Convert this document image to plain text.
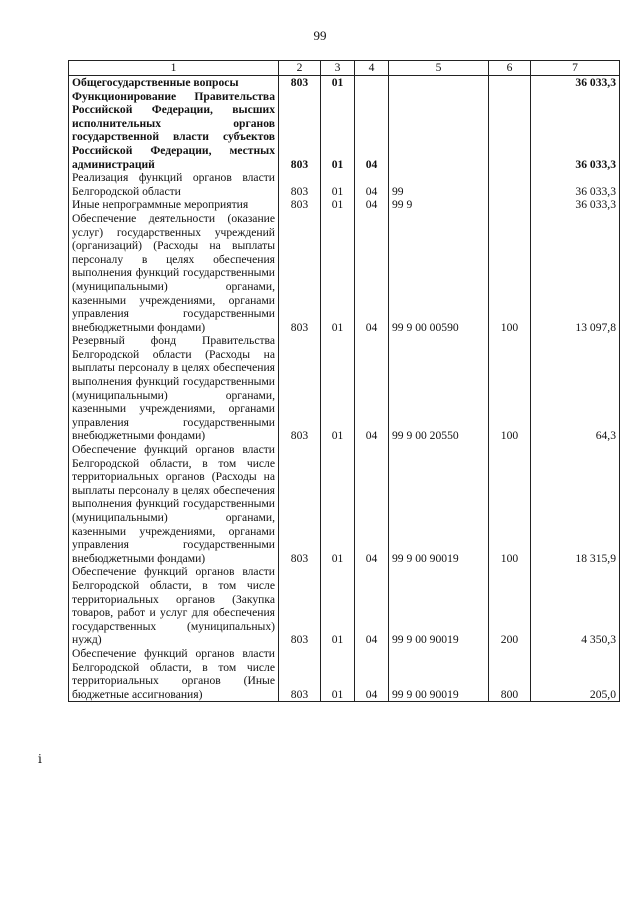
99
1	2	3	4	5	6	7
Общегосударственные вопросы	803	01				36 033,3
Функционирование Правительства Российской Федерации, высших исполнительных органов государственной власти субъектов Российской Федерации, местных администраций	803	01	04			36 033,3
Реализация функций органов власти Белгородской области	803	01	04	99		36 033,3
Иные непрограммные мероприятия	803	01	04	99 9		36 033,3
Обеспечение деятельности (оказание услуг) государственных учреждений (организаций) (Расходы на выплаты персоналу в целях обеспечения выполнения функций государственными (муниципальными) органами, казенными учреждениями, органами управления государственными внебюджетными фондами)	803	01	04	99 9 00 00590	100	13 097,8
Резервный фонд Правительства Белгородской области (Расходы на выплаты персоналу в целях обеспечения выполнения функций государственными (муниципальными) органами, казенными учреждениями, органами управления государственными внебюджетными фондами)	803	01	04	99 9 00 20550	100	64,3
Обеспечение функций органов власти Белгородской области, в том числе территориальных органов (Расходы на выплаты персоналу в целях обеспечения выполнения функций государственными (муниципальными) органами, казенными учреждениями, органами управления государственными внебюджетными фондами)	803	01	04	99 9 00 90019	100	18 315,9
Обеспечение функций органов власти Белгородской области, в том числе территориальных органов (Закупка товаров, работ и услуг для обеспечения государственных (муниципальных) нужд)	803	01	04	99 9 00 90019	200	4 350,3
Обеспечение функций органов власти Белгородской области, в том числе территориальных органов (Иные бюджетные ассигнования)	803	01	04	99 9 00 90019	800	205,0
ⅰ
